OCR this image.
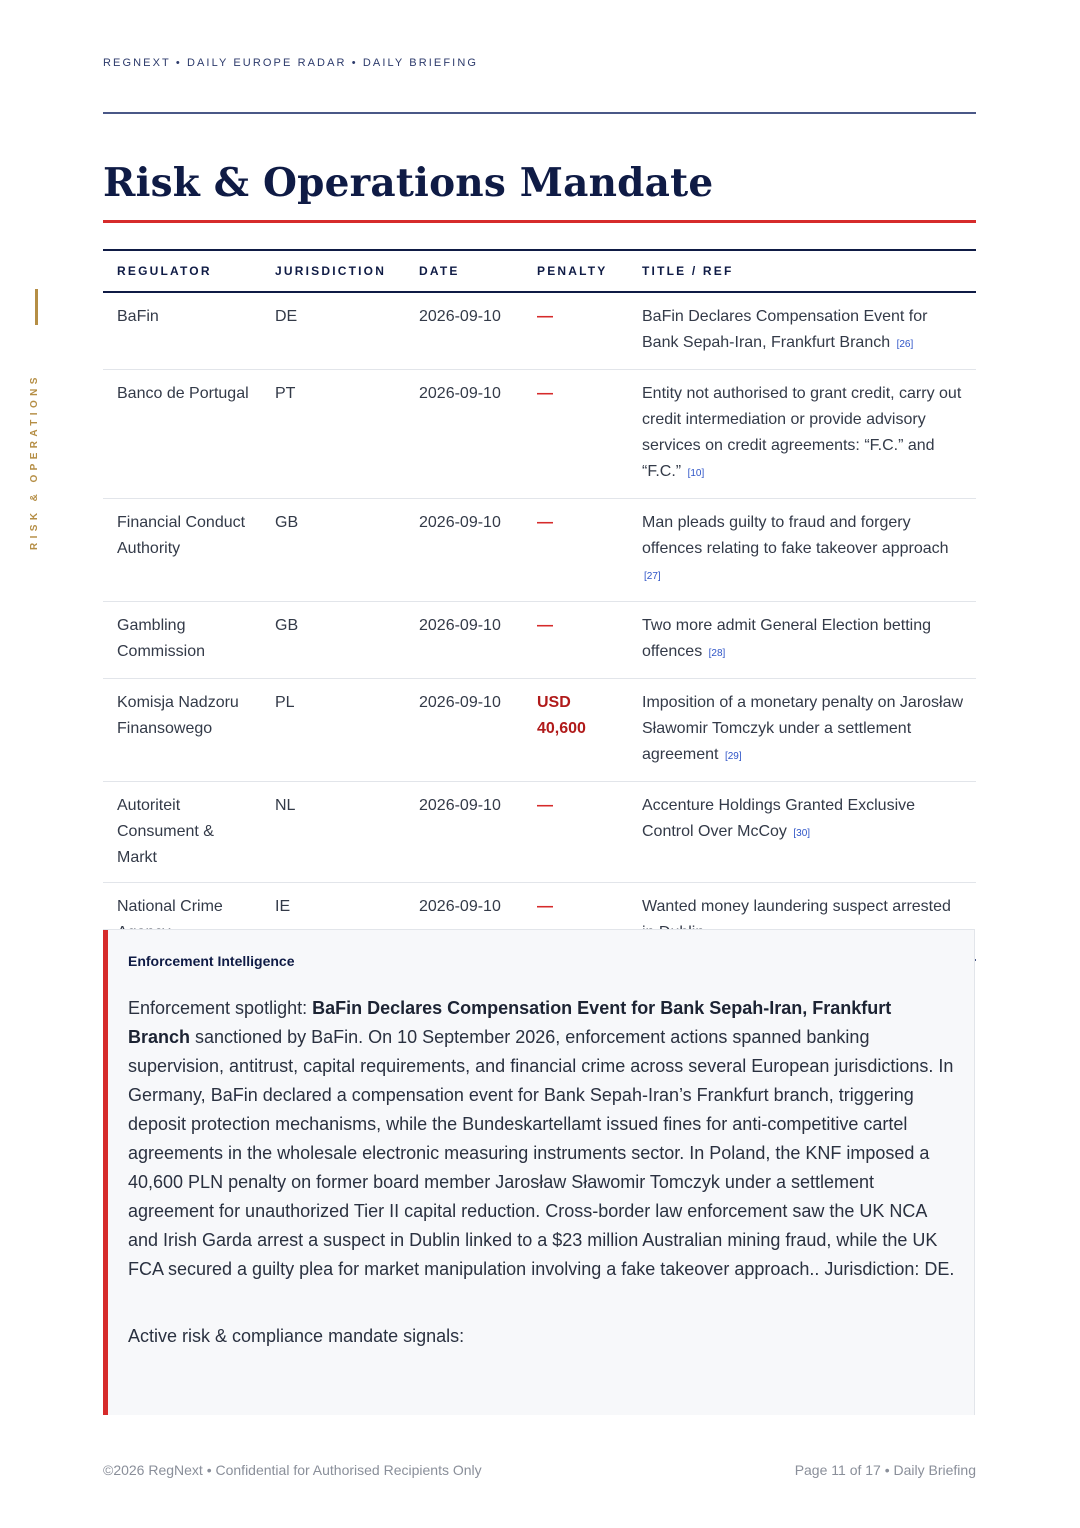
REGNEXT • DAILY EUROPE RADAR • DAILY BRIEFING
RISK & OPERATIONS
Risk & Operations Mandate
REGULATOR	JURISDICTION	DATE	PENALTY	TITLE / REF
BaFin	DE	2026-09-10	—	BaFin Declares Compensation Event for Bank Sepah-Iran, Frankfurt Branch [26]
Banco de Portugal	PT	2026-09-10	—	Entity not authorised to grant credit, carry out credit intermediation or provide advisory services on credit agreements: “F.C.” and “F.C.” [10]
Financial Conduct Authority	GB	2026-09-10	—	Man pleads guilty to fraud and forgery offences relating to fake takeover approach [27]
Gambling Commission	GB	2026-09-10	—	Two more admit General Election betting offences [28]
Komisja Nadzoru Finansowego	PL	2026-09-10	USD 40,600	Imposition of a monetary penalty on Jarosław Sławomir Tomczyk under a settlement agreement [29]
Autoriteit Consument & Markt	NL	2026-09-10	—	Accenture Holdings Granted Exclusive Control Over McCoy [30]
National Crime	IE	2026-09-10	—	Wanted money laundering suspect arrested
Enforcement Intelligence

Enforcement spotlight: BaFin Declares Compensation Event for Bank Sepah-Iran, Frankfurt Branch sanctioned by BaFin. On 10 September 2026, enforcement actions spanned banking supervision, antitrust, capital requirements, and financial crime across several European jurisdictions. In Germany, BaFin declared a compensation event for Bank Sepah-Iran’s Frankfurt branch, triggering deposit protection mechanisms, while the Bundeskartellamt issued fines for anti-competitive cartel agreements in the wholesale electronic measuring instruments sector. In Poland, the KNF imposed a 40,600 PLN penalty on former board member Jarosław Sławomir Tomczyk under a settlement agreement for unauthorized Tier II capital reduction. Cross-border law enforcement saw the UK NCA and Irish Garda arrest a suspect in Dublin linked to a $23 million Australian mining fraud, while the UK FCA secured a guilty plea for market manipulation involving a fake takeover approach.. Jurisdiction: DE.

Active risk & compliance mandate signals:
©2026 RegNext • Confidential for Authorised Recipients Only	Page 11 of 17 • Daily Briefing
